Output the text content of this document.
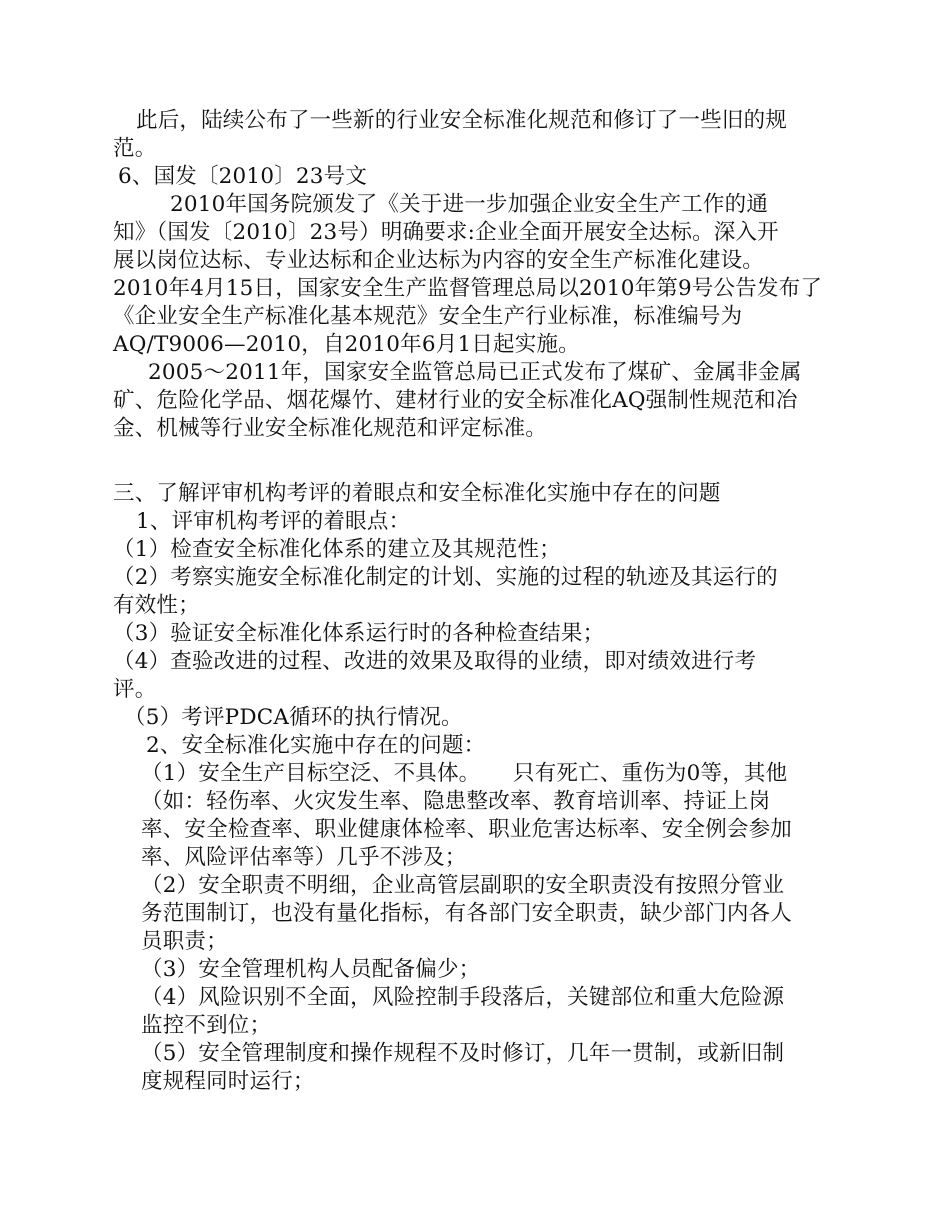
此后，陆续公布了一些新的行业安全标准化规范和修订了一些旧的规
范。
6、国发〔2010〕23号文
2010年国务院颁发了《关于进一步加强企业安全生产工作的通
知》（国发〔2010〕23号）明确要求:企业全面开展安全达标。深入开
展以岗位达标、专业达标和企业达标为内容的安全生产标准化建设。
2010年4月15日，国家安全生产监督管理总局以2010年第9号公告发布了
《企业安全生产标准化基本规范》安全生产行业标准，标准编号为
AQ/T9006—2010，自2010年6月1日起实施。
2005～2011年，国家安全监管总局已正式发布了煤矿、金属非金属
矿、危险化学品、烟花爆竹、建材行业的安全标准化AQ强制性规范和冶
金、机械等行业安全标准化规范和评定标准。
三、了解评审机构考评的着眼点和安全标准化实施中存在的问题
1、评审机构考评的着眼点：
（1）检查安全标准化体系的建立及其规范性；
（2）考察实施安全标准化制定的计划、实施的过程的轨迹及其运行的
有效性；
（3）验证安全标准化体系运行时的各种检查结果；
（4）查验改进的过程、改进的效果及取得的业绩，即对绩效进行考
评。
（5）考评PDCA循环的执行情况。
2、安全标准化实施中存在的问题：
（1）安全生产目标空泛、不具体。　　只有死亡、重伤为0等，其他
（如：轻伤率、火灾发生率、隐患整改率、教育培训率、持证上岗
率、安全检查率、职业健康体检率、职业危害达标率、安全例会参加
率、风险评估率等）几乎不涉及；
（2）安全职责不明细，企业高管层副职的安全职责没有按照分管业
务范围制订，也没有量化指标，有各部门安全职责，缺少部门内各人
员职责；
（3）安全管理机构人员配备偏少；
（4）风险识别不全面，风险控制手段落后，关键部位和重大危险源
监控不到位；
（5）安全管理制度和操作规程不及时修订，几年一贯制，或新旧制
度规程同时运行；
